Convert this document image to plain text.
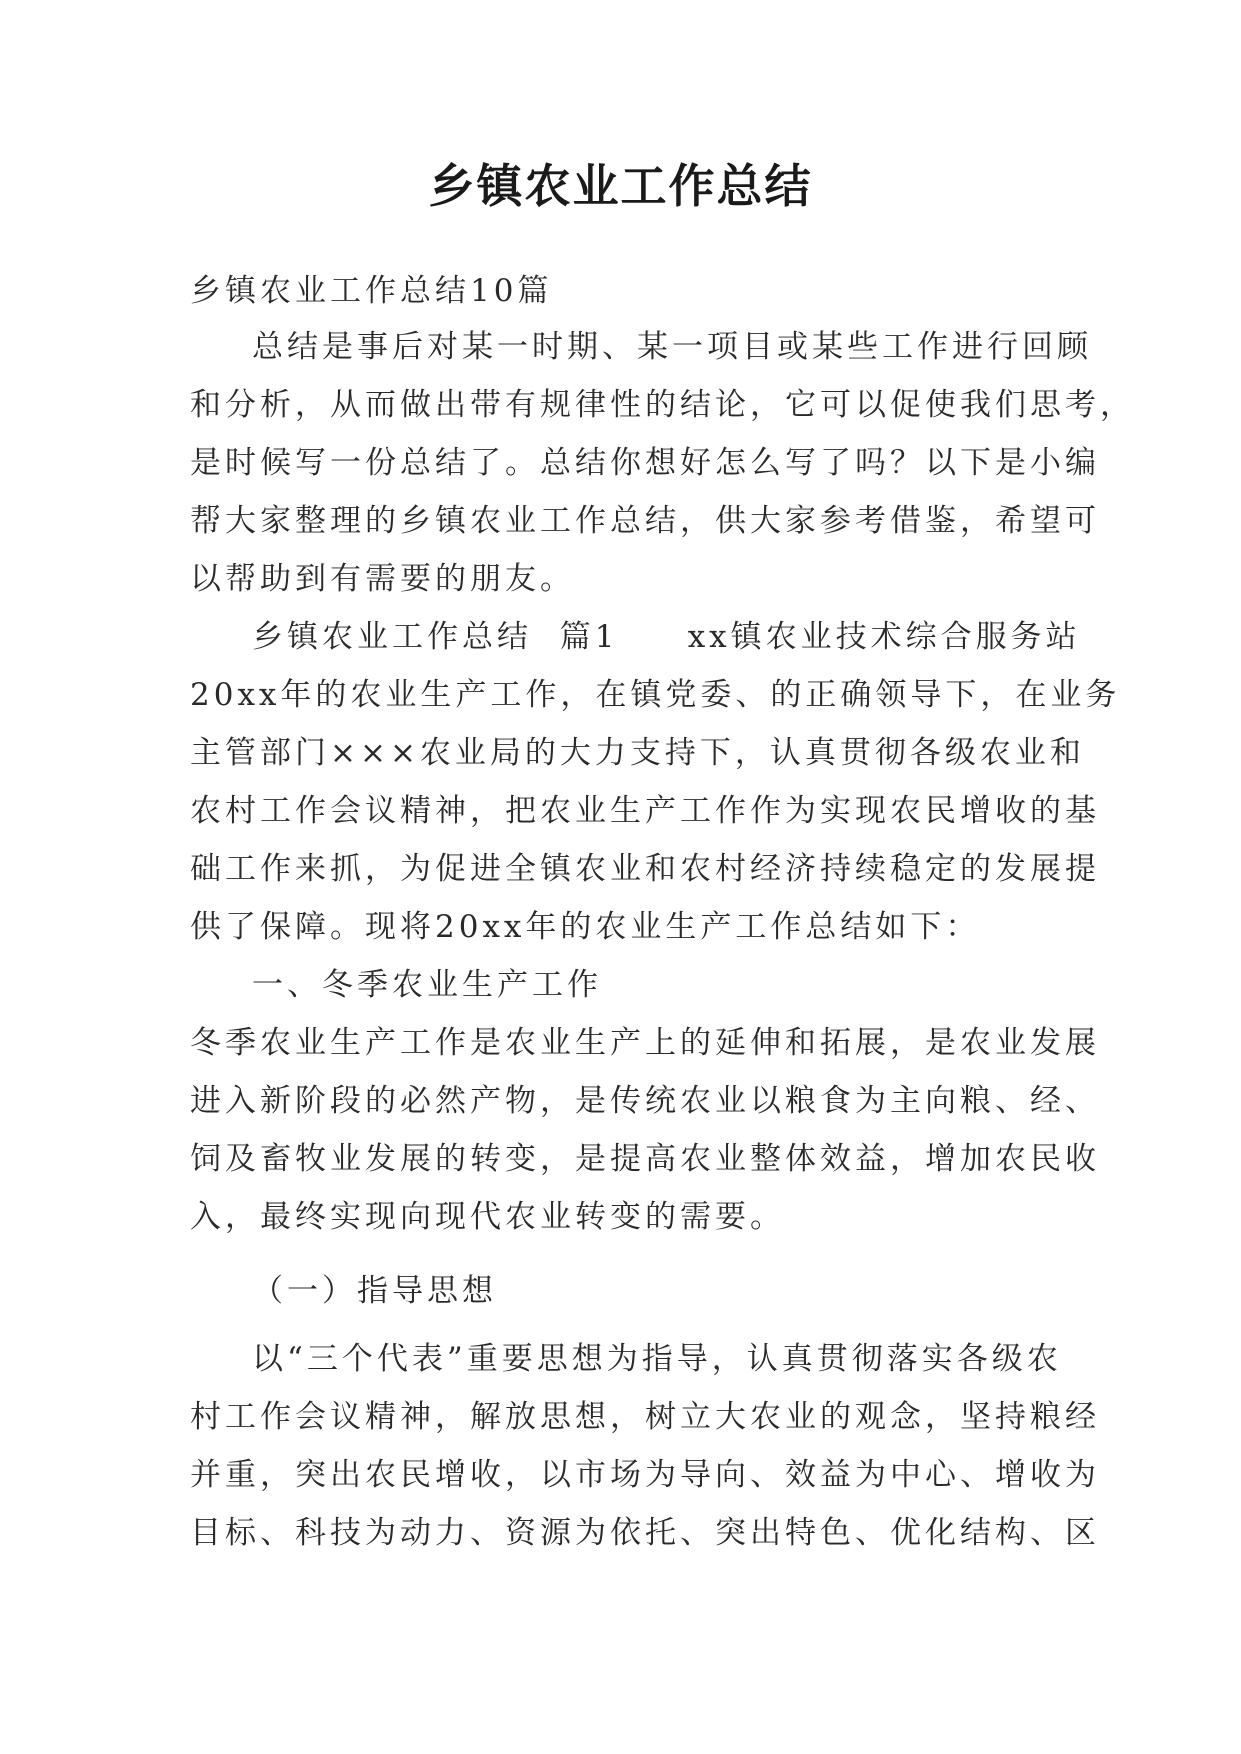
乡镇农业工作总结
乡镇农业工作总结10篇
总结是事后对某一时期、某一项目或某些工作进行回顾
和分析，从而做出带有规律性的结论，它可以促使我们思考，
是时候写一份总结了。总结你想好怎么写了吗？以下是小编
帮大家整理的乡镇农业工作总结，供大家参考借鉴，希望可
以帮助到有需要的朋友。
乡镇农业工作总结  篇1     xx镇农业技术综合服务站
20xx年的农业生产工作，在镇党委、的正确领导下，在业务
主管部门×××农业局的大力支持下，认真贯彻各级农业和
农村工作会议精神，把农业生产工作作为实现农民增收的基
础工作来抓，为促进全镇农业和农村经济持续稳定的发展提
供了保障。现将20xx年的农业生产工作总结如下：
一、冬季农业生产工作
冬季农业生产工作是农业生产上的延伸和拓展，是农业发展
进入新阶段的必然产物，是传统农业以粮食为主向粮、经、
饲及畜牧业发展的转变，是提高农业整体效益，增加农民收
入，最终实现向现代农业转变的需要。
（一）指导思想
以“三个代表”重要思想为指导，认真贯彻落实各级农
村工作会议精神，解放思想，树立大农业的观念，坚持粮经
并重，突出农民增收，以市场为导向、效益为中心、增收为
目标、科技为动力、资源为依托、突出特色、优化结构、区
